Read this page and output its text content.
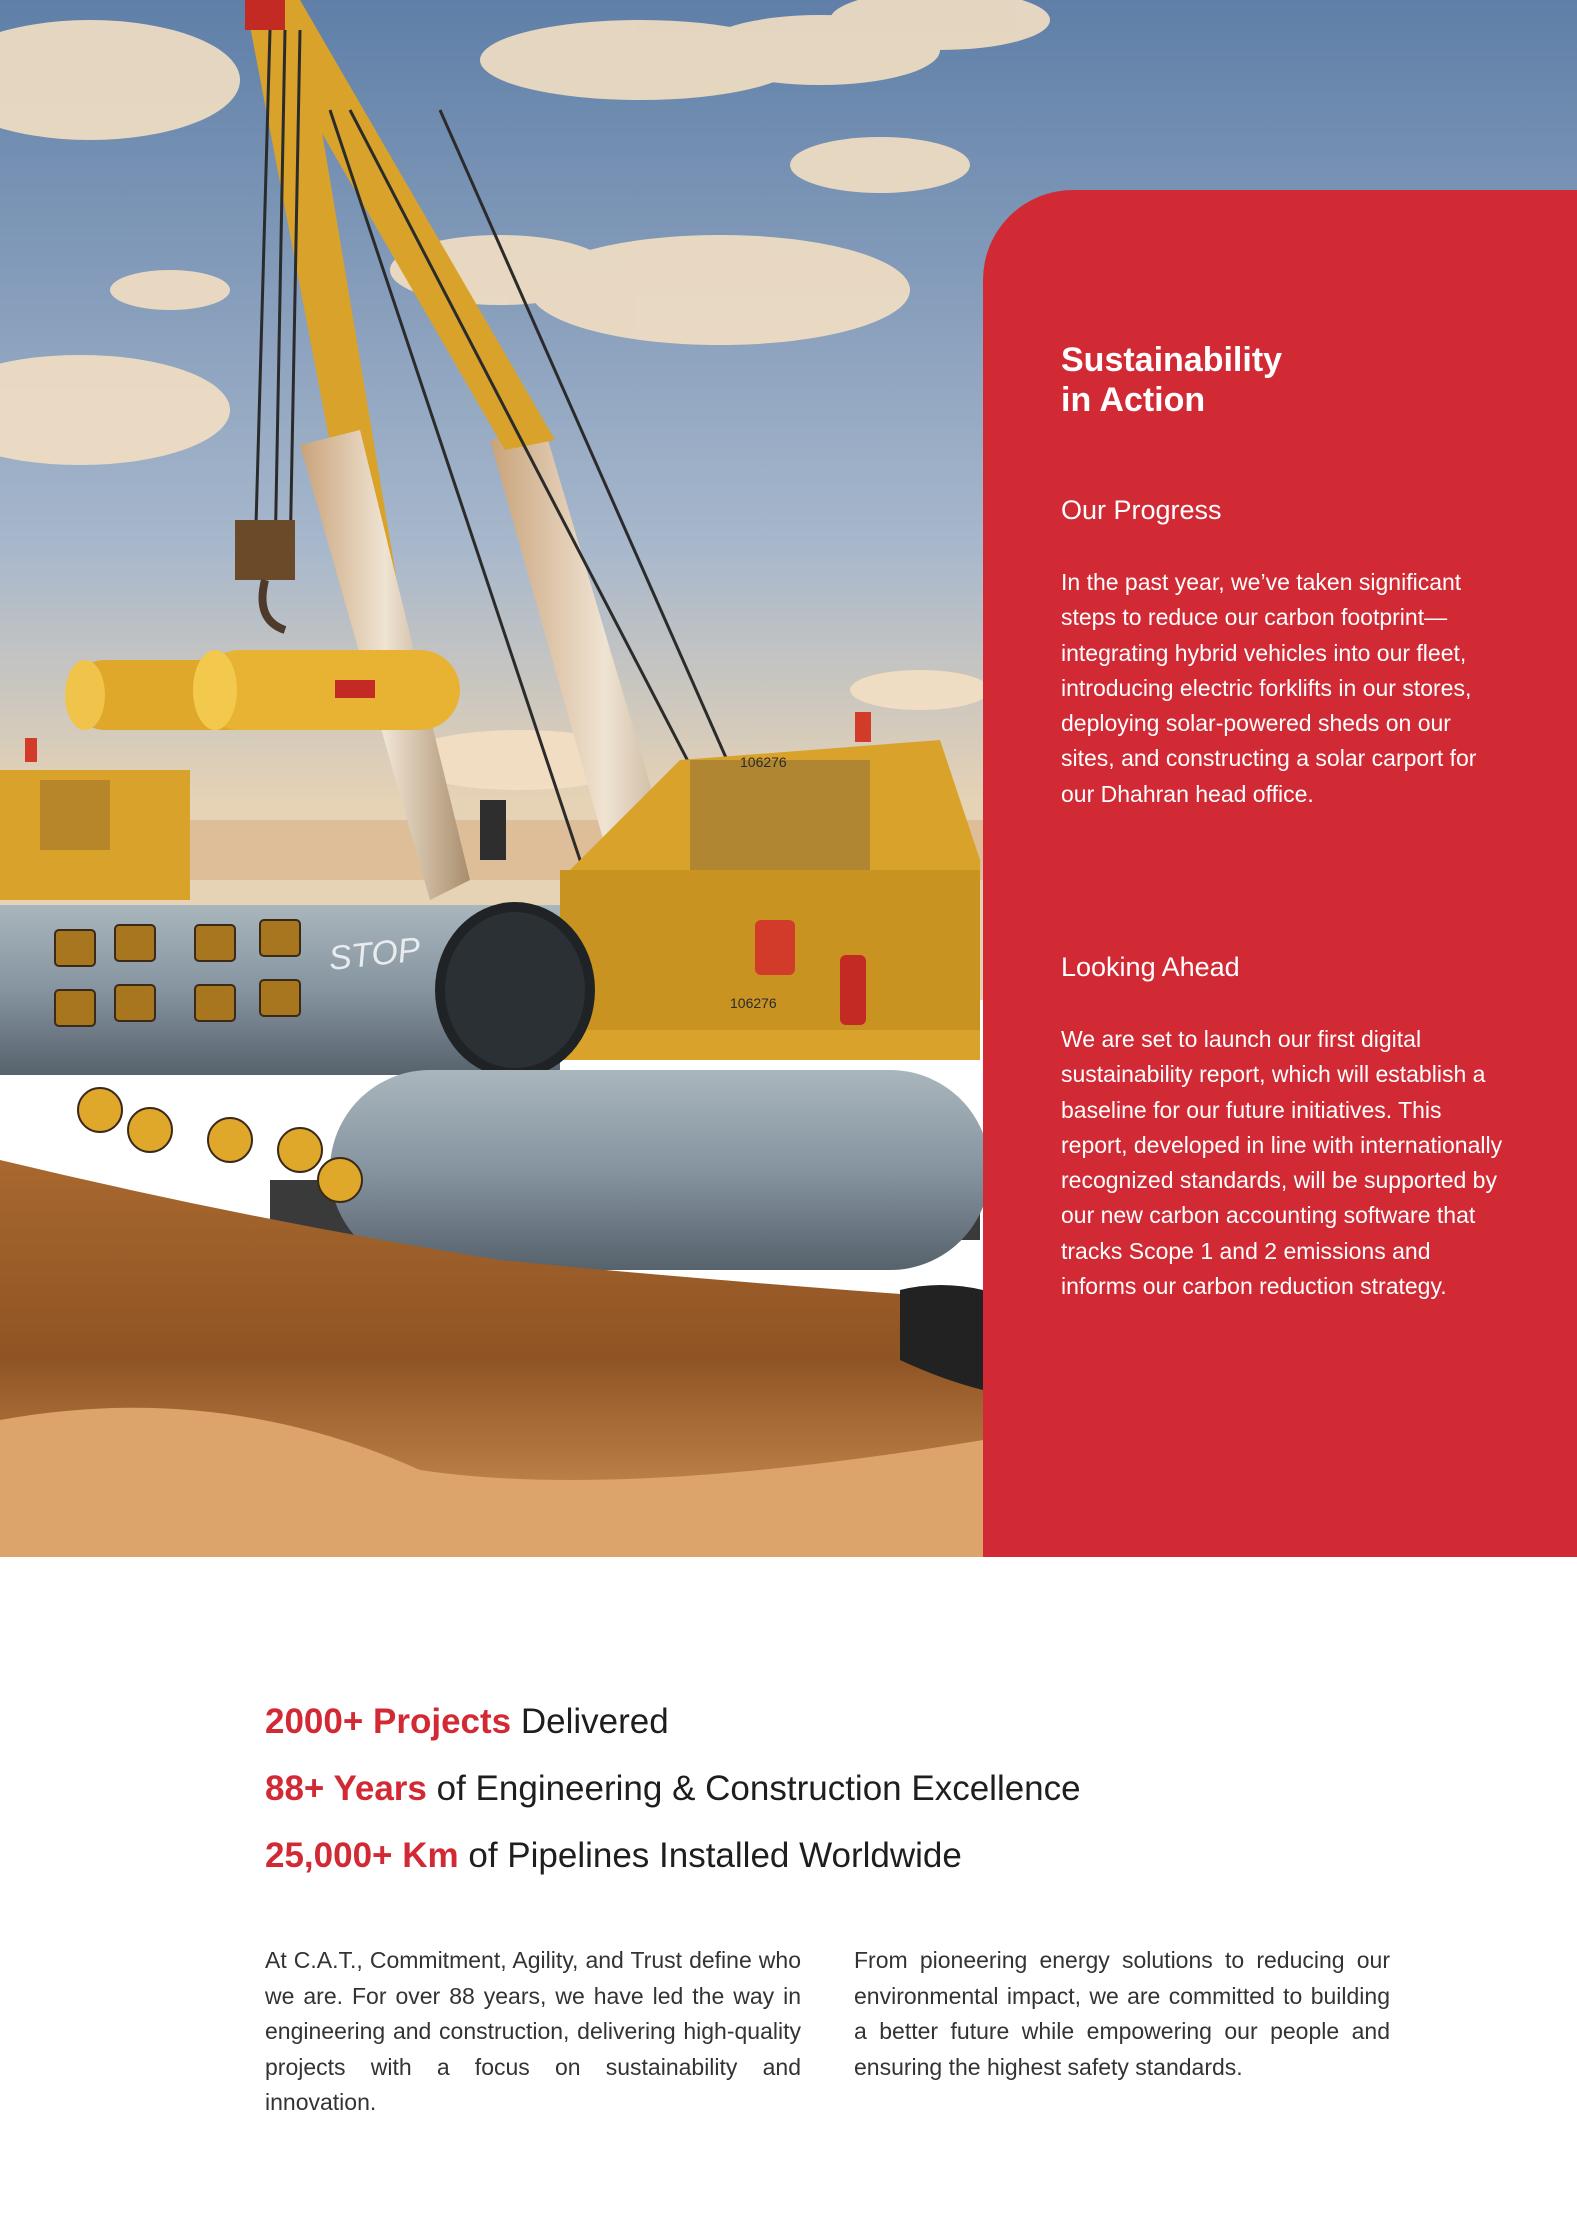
106276
106276
STOP
Sustainability
in Action
Our Progress

In the past year, we’ve taken significant steps to reduce our carbon footprint—integrating hybrid vehicles into our fleet, introducing electric forklifts in our stores, deploying solar-powered sheds on our sites, and constructing a solar carport for our Dhahran head office.

Looking Ahead

We are set to launch our first digital sustainability report, which will establish a baseline for our future initiatives. This report, developed in line with internationally recognized standards, will be supported by our new carbon accounting software that tracks Scope 1 and 2 emissions and informs our carbon reduction strategy.

2000+ Projects Delivered
88+ Years of Engineering & Construction Excellence
25,000+ Km of Pipelines Installed Worldwide

At C.A.T., Commitment, Agility, and Trust define who we are. For over 88 years, we have led the way in engineering and construction, delivering high-quality projects with a focus on sustainability and innovation.

From pioneering energy solutions to reducing our environmental impact, we are committed to building a better future while empowering our people and ensuring the highest safety standards.
